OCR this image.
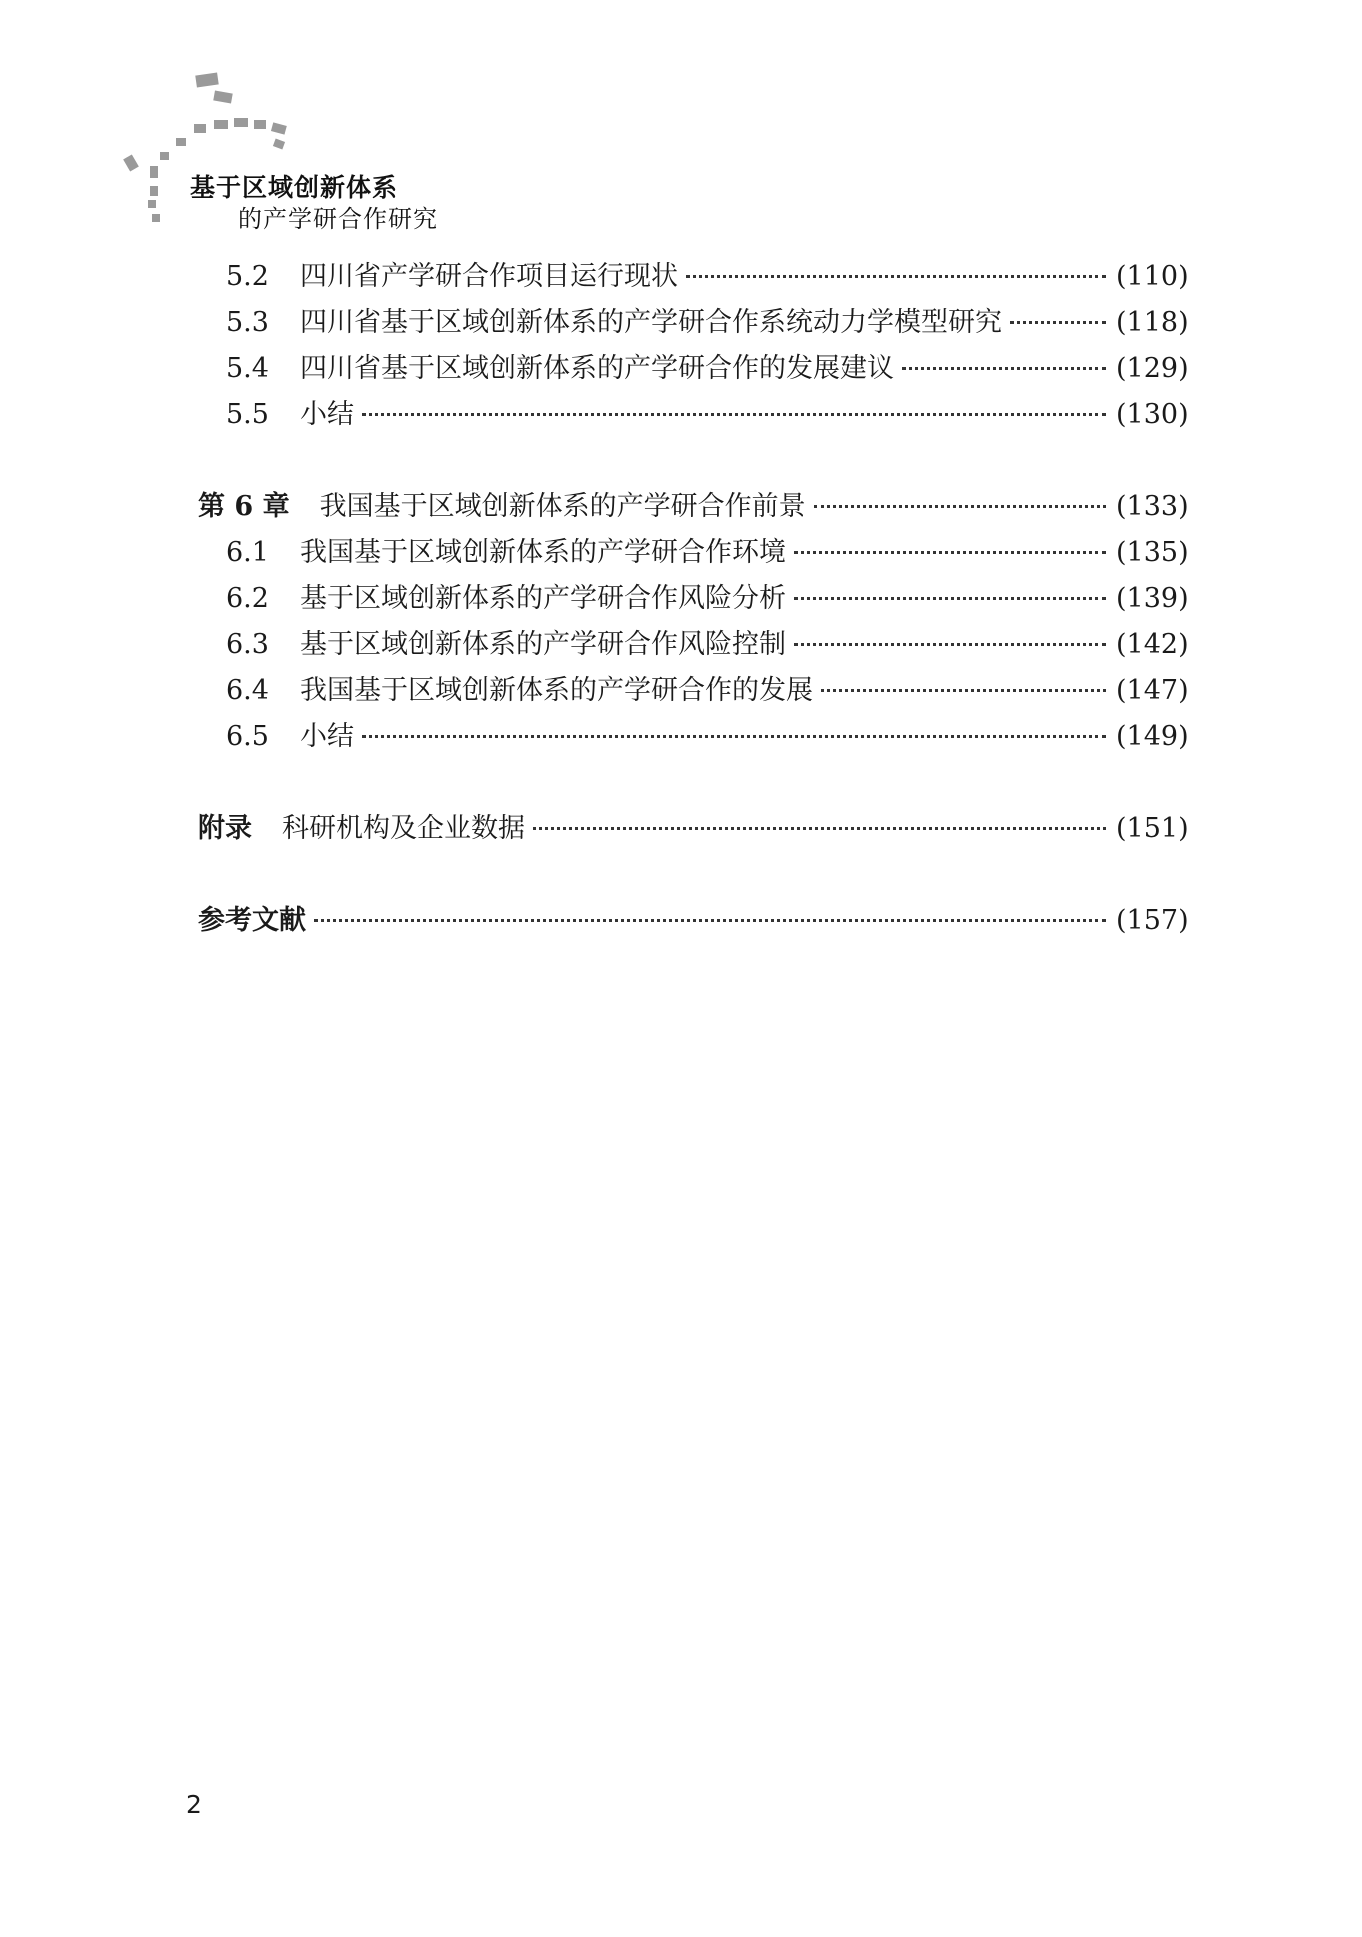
基于区域创新体系
的产学研合作研究
5.2	四川省产学研合作项目运行现状	(110)
5.3	四川省基于区域创新体系的产学研合作系统动力学模型研究	(118)
5.4	四川省基于区域创新体系的产学研合作的发展建议	(129)
5.5	小结	(130)
第 6 章 我国基于区域创新体系的产学研合作前景	(133)
6.1	我国基于区域创新体系的产学研合作环境	(135)
6.2	基于区域创新体系的产学研合作风险分析	(139)
6.3	基于区域创新体系的产学研合作风险控制	(142)
6.4	我国基于区域创新体系的产学研合作的发展	(147)
6.5	小结	(149)
附录 科研机构及企业数据	(151)
参考文献	(157)
2
